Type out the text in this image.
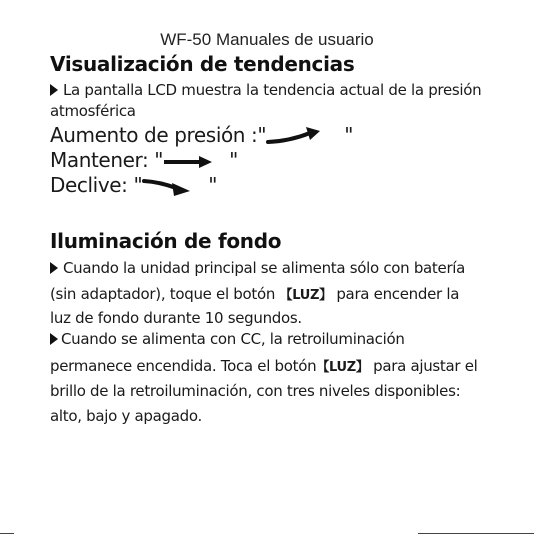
WF-50 Manuales de usuario
Visualización de tendencias
La pantalla LCD muestra la tendencia actual de la presión
atmosférica
Aumento de presión :"	"
Mantener: "	"
Declive: "	"
Iluminación de fondo
Cuando la unidad principal se alimenta sólo con batería
(sin adaptador), toque el botón 【LUZ】 para encender la
luz de fondo durante 10 segundos.
Cuando se alimenta con CC, la retroiluminación
permanece encendida. Toca el botón【LUZ】 para ajustar el
brillo de la retroiluminación, con tres niveles disponibles:
alto, bajo y apagado.
